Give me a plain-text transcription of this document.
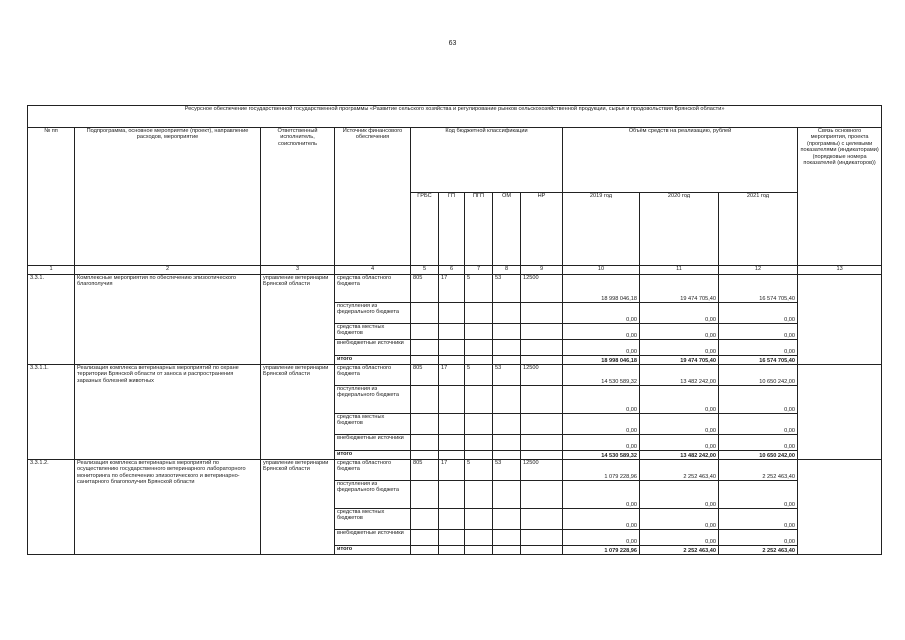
63
Ресурсное обеспечение государственной государственной программы «Развитие сельского хозяйства и регулирование рынков сельскохозяйственной продукции, сырья и продовольствия Брянской области»												
№ пп	Подпрограмма, основное мероприятие (проект), направление расходов, мероприятие	Ответственный исполнитель, соисполнитель	Источник финансового обеспечения	Код бюджетной классификации					Объём средств на реализацию, рублей			Связь основного мероприятия, проекта (программы) с целевыми показателями (индикаторами) (порядковые номера показателей (индикаторов))
				ГРБС	ГП	ПГП	ОМ	НР	2019 год	2020 год	2021 год	
1	2	3	4	5	6	7	8	9	10	11	12	13
3.3.1.	Комплексные мероприятия по обеспечению эпизоотического благополучия	управление ветеринарии Брянской области	средства областного бюджета	805	17	5	53	12500	18 998 046,18	19 474 705,40	16 574 705,40	
			поступления из федерального бюджета						0,00	0,00	0,00	
			средства местных бюджетов						0,00	0,00	0,00	
			внебюджетные источники						0,00	0,00	0,00	
			итого						18 998 046,18	19 474 705,40	16 574 705,40	
3.3.1.1.	Реализация комплекса ветеринарных мероприятий по охране территории Брянской области от заноса и распространения заразных болезней животных	управление ветеринарии Брянской области	средства областного бюджета	805	17	5	53	12500	14 530 589,32	13 482 242,00	10 650 242,00	
			поступления из федерального бюджета						0,00	0,00	0,00	
			средства местных бюджетов						0,00	0,00	0,00	
			внебюджетные источники						0,00	0,00	0,00	
			итого						14 530 589,32	13 482 242,00	10 650 242,00	
3.3.1.2.	Реализация комплекса ветеринарных мероприятий по осуществлению государственного ветеринарного лабораторного мониторинга по обеспечению эпизоотического и ветеринарно-санитарного благополучия Брянской области	управление ветеринарии Брянской области	средства областного бюджета	805	17	5	53	12500	1 079 228,96	2 252 463,40	2 252 463,40	
			поступления из федерального бюджета						0,00	0,00	0,00	
			средства местных бюджетов						0,00	0,00	0,00	
			внебюджетные источники						0,00	0,00	0,00	
			итого						1 079 228,96	2 252 463,40	2 252 463,40	
